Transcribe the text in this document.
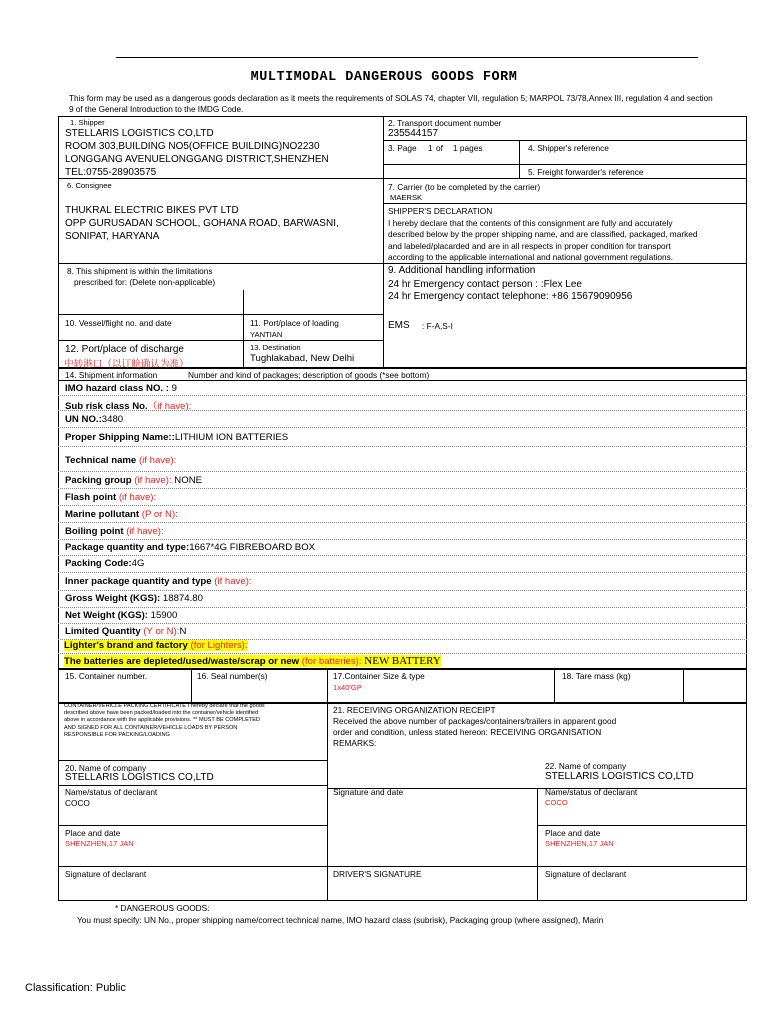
MULTIMODAL DANGEROUS GOODS FORM
This form may be used as a dangerous goods declaration as it meets the requirements of SOLAS 74, chapter VII, regulation 5; MARPOL 73/78,Annex III, regulation 4 and section 9 of the General Introduction to the IMDG Code.
1. Shipper
STELLARIS LOGISTICS CO,LTD
ROOM 303,BUILDING NO5(OFFICE BUILDING)NO2230
LONGGANG AVENUELONGGANG DISTRICT,SHENZHEN
TEL:0755-28903575
2. Transport document number
235544157
3. Page 1 of 1 pages	4. Shipper's reference
5. Freight forwarder's reference
6. Consignee
THUKRAL ELECTRIC BIKES PVT LTD
OPP GURUSADAN SCHOOL, GOHANA ROAD, BARWASNI,
SONIPAT, HARYANA
7. Carrier (to be completed by the carrier)
MAERSK
SHIPPER'S DECLARATION
I hereby declare that the contents of this consignment are fully and accurately
described below by the proper shipping name, and are classified, packaged, marked
and labeled/placarded and are in all respects in proper condition for transport
according to the applicable international and national government regulations.
8. This shipment is within the limitations
prescribed for: (Delete non-applicable)
9. Additional handling information
24 hr Emergency contact person : :Flex Lee
24 hr Emergency contact telephone: +86 15679090956
EMS : F-A,S-I
10. Vessel/flight no. and date	11. Port/place of loading
YANTIAN
12. Port/place of discharge
中转港口（以订舱确认为准）
13. Destination
Tughlakabad, New Delhi
14. Shipment information	Number and kind of packages; description of goods (*see bottom)
IMO hazard class NO. : 9
Sub risk class No.（if have):
UN NO.:3480
Proper Shipping Name::LITHIUM ION BATTERIES
Technical name (if have):
Packing group (if have): NONE
Flash point (if have):
Marine pollutant (P or N):
Boiling point (if have):
Package quantity and type:1667*4G FIBREBOARD BOX
Packing Code:4G
Inner package quantity and type (if have):
Gross Weight (KGS): 18874.80
Net Weight (KGS): 15900
Limited Quantity (Y or N):N
Lighter's brand and factory (for Lighters):
The batteries are depleted/used/waste/scrap or new (for batteries): NEW BATTERY
15. Container number.	16. Seal number(s)	17.Container Size & type
1x40'GP
18. Tare mass (kg)
CONTAINER/VEHICLE PACKING CERTIFICATE I hereby declare that the goods described above have been packed/loaded into the container/vehicle identified above in accordance with the applicable provisions. ** MUST BE COMPLETED AND SIGNED FOR ALL CONTAINER/VEHICLE LOADS BY PERSON RESPONSIBLE FOR PACKING/LOADING
21. RECEIVING ORGANIZATION RECEIPT
Received the above number of packages/containers/trailers in apparent good
order and condition, unless stated hereon: RECEIVING ORGANISATION
REMARKS:
20. Name of company
STELLARIS LOGISTICS CO,LTD
Name/status of declarant
COCO
Place and date
SHENZHEN,17 JAN
Signature of declarant
Signature and date
DRIVER'S SIGNATURE
22. Name of company
STELLARIS LOGISTICS CO,LTD
Name/status of declarant
COCO
Place and date
SHENZHEN,17 JAN
Signature of declarant
* DANGEROUS GOODS:
You must specify: UN No., proper shipping name/correct technical name, IMO hazard class (subrisk), Packaging group (where assigned), Marin
Classification: Public
